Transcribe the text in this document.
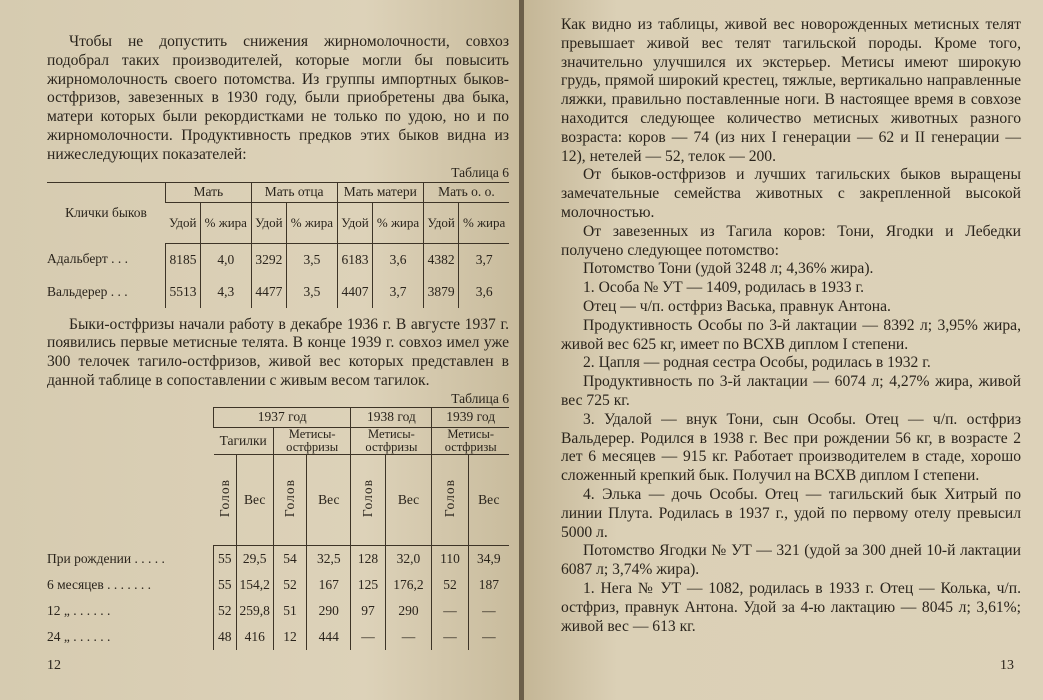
Чтобы не допустить снижения жирномолочности, совхоз подобрал таких производителей, которые могли бы повысить жирномолочность своего потомства. Из группы импортных быков-остфризов, завезенных в 1930 году, были приобретены два быка, матери которых были рекордистками не только по удою, но и по жирномолочности. Продуктивность предков этих быков видна из нижеследующих показателей:

Таблица 6
Клички быков	Мать		Мать отца		Мать матери		Мать о. о.	
	Удой	% жира	Удой	% жира	Удой	% жира	Удой	% жира
Адальберт . . .	8185	4,0	3292	3,5	6183	3,6	4382	3,7
Вальдерер . . .	5513	4,3	4477	3,5	4407	3,7	3879	3,6

Быки-остфризы начали работу в декабре 1936 г. В августе 1937 г. появились первые метисные телята. В конце 1939 г. совхоз имел уже 300 телочек тагило-остфризов, живой вес которых представлен в данной таблице в сопоставлении с живым весом тагилок.

Таблица 6
	1937 год				1938 год		1939 год	
	Тагилки		Метисы-остфризы		Метисы-остфризы		Метисы-остфризы	
	Голов	Вес	Голов	Вес	Голов	Вес	Голов	Вес
При рождении . . . . .	55	29,5	54	32,5	128	32,0	110	34,9
6 месяцев . . . . . . .	55	154,2	52	167	125	176,2	52	187
12 „ . . . . . .	52	259,8	51	290	97	290	—	—
24 „ . . . . . .	48	416	12	444	—	—	—	—
12

Как видно из таблицы, живой вес новорожденных метисных телят превышает живой вес телят тагильской породы. Кроме того, значительно улучшился их экстерьер. Метисы имеют широкую грудь, прямой широкий крестец, тяжлые, вертикально направленные ляжки, правильно поставленные ноги. В настоящее время в совхозе находится следующее количество метисных животных разного возраста: коров — 74 (из них I генерации — 62 и II генерации — 12), нетелей — 52, телок — 200.

От быков-остфризов и лучших тагильских быков выращены замечательные семейства животных с закрепленной высокой молочностью.

От завезенных из Тагила коров: Тони, Ягодки и Лебедки получено следующее потомство:

Потомство Тони (удой 3248 л; 4,36% жира).

1. Особа № УТ — 1409, родилась в 1933 г.

Отец — ч/п. остфриз Васька, правнук Антона.

Продуктивность Особы по 3-й лактации — 8392 л; 3,95% жира, живой вес 625 кг, имеет по ВСХВ диплом I степени.

2. Цапля — родная сестра Особы, родилась в 1932 г.

Продуктивность по 3-й лактации — 6074 л; 4,27% жира, живой вес 725 кг.

3. Удалой — внук Тони, сын Особы. Отец — ч/п. остфриз Вальдерер. Родился в 1938 г. Вес при рождении 56 кг, в возрасте 2 лет 6 месяцев — 915 кг. Работает производителем в стаде, хорошо сложенный крепкий бык. Получил на ВСХВ диплом I степени.

4. Элька — дочь Особы. Отец — тагильский бык Хитрый по линии Плута. Родилась в 1937 г., удой по первому отелу превысил 5000 л.

Потомство Ягодки № УТ — 321 (удой за 300 дней 10-й лактации 6087 л; 3,74% жира).

1. Нега № УТ — 1082, родилась в 1933 г. Отец — Колька, ч/п. остфриз, правнук Антона. Удой за 4-ю лактацию — 8045 л; 3,61%; живой вес — 613 кг.

13
